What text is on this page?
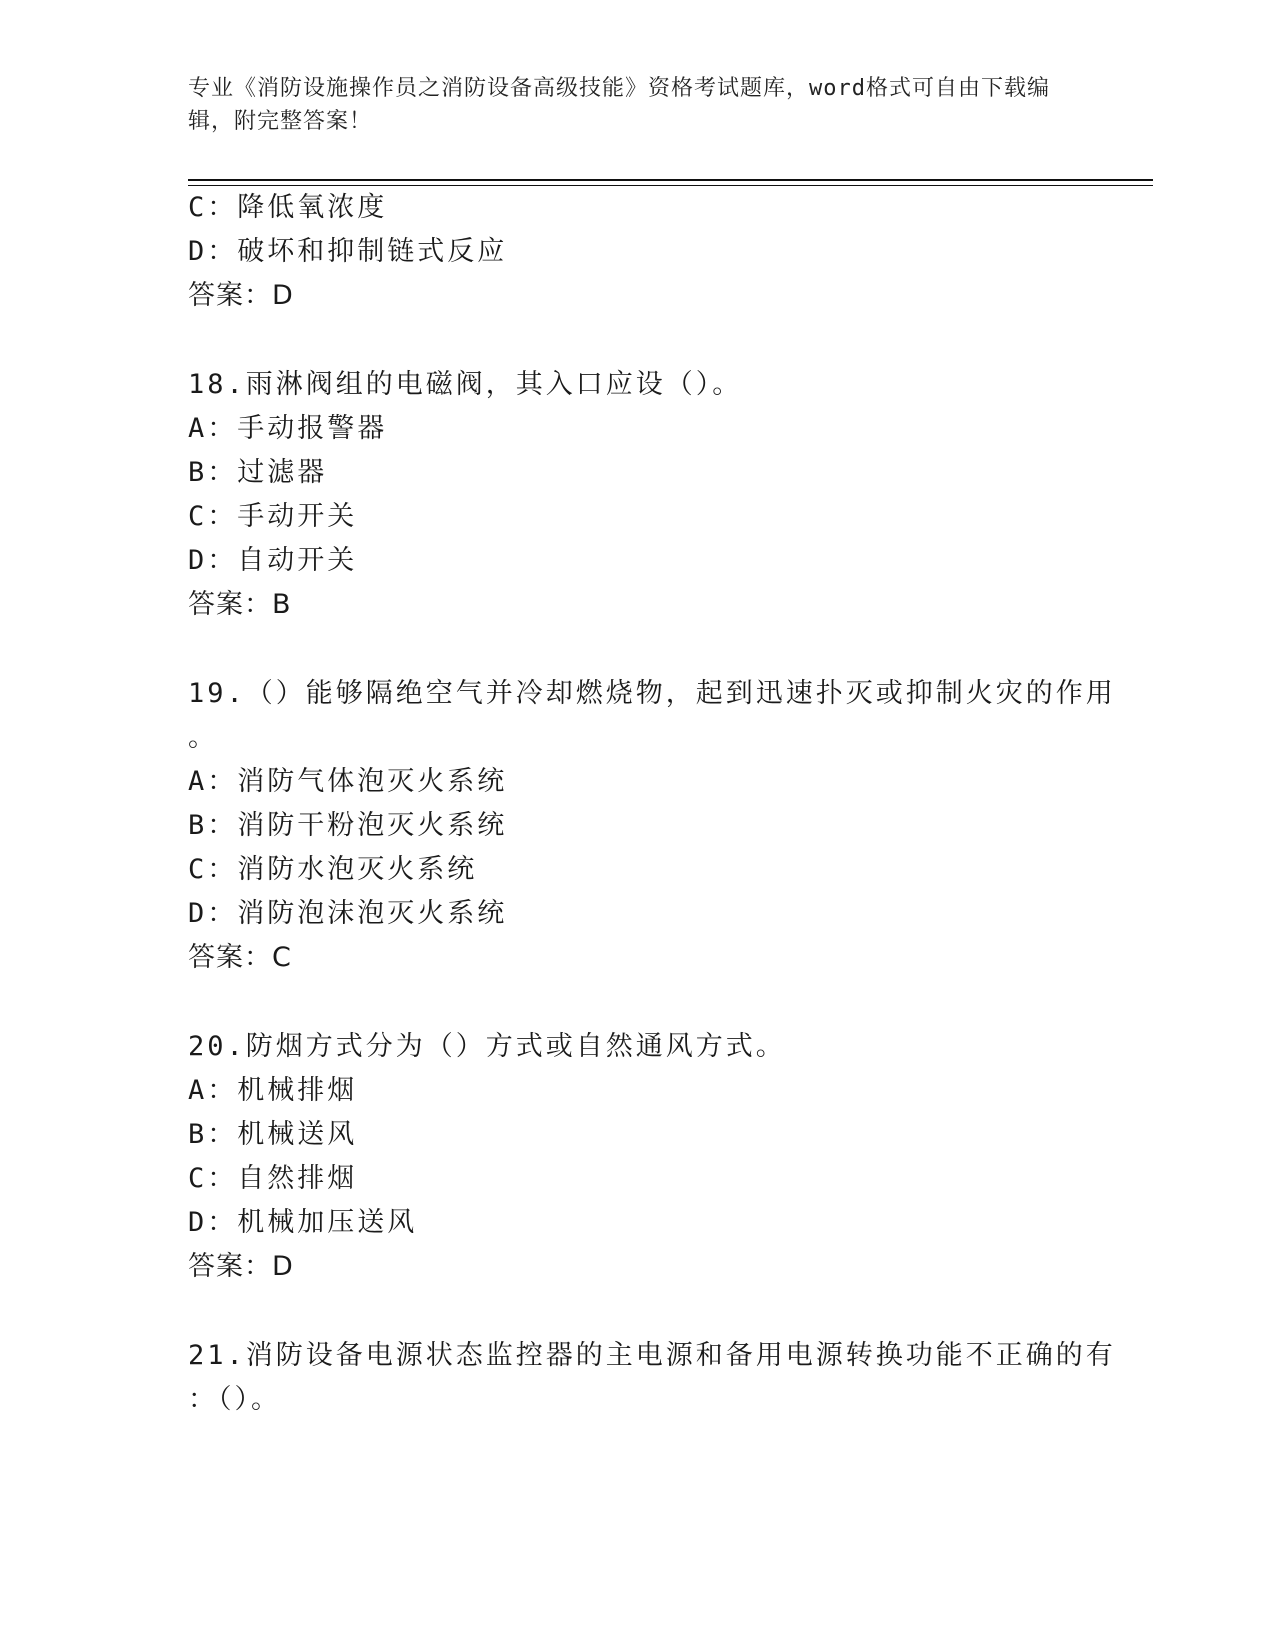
专业《消防设施操作员之消防设备高级技能》资格考试题库，word格式可自由下载编辑，附完整答案！
C：降低氧浓度
D：破坏和抑制链式反应
答案：D
18.雨淋阀组的电磁阀，其入口应设（）。
A：手动报警器
B：过滤器
C：手动开关
D：自动开关
答案：B
19.（）能够隔绝空气并冷却燃烧物，起到迅速扑灭或抑制火灾的作用
。
A：消防气体泡灭火系统
B：消防干粉泡灭火系统
C：消防水泡灭火系统
D：消防泡沫泡灭火系统
答案：C
20.防烟方式分为（）方式或自然通风方式。
A：机械排烟
B：机械送风
C：自然排烟
D：机械加压送风
答案：D
21.消防设备电源状态监控器的主电源和备用电源转换功能不正确的有
：（）。
